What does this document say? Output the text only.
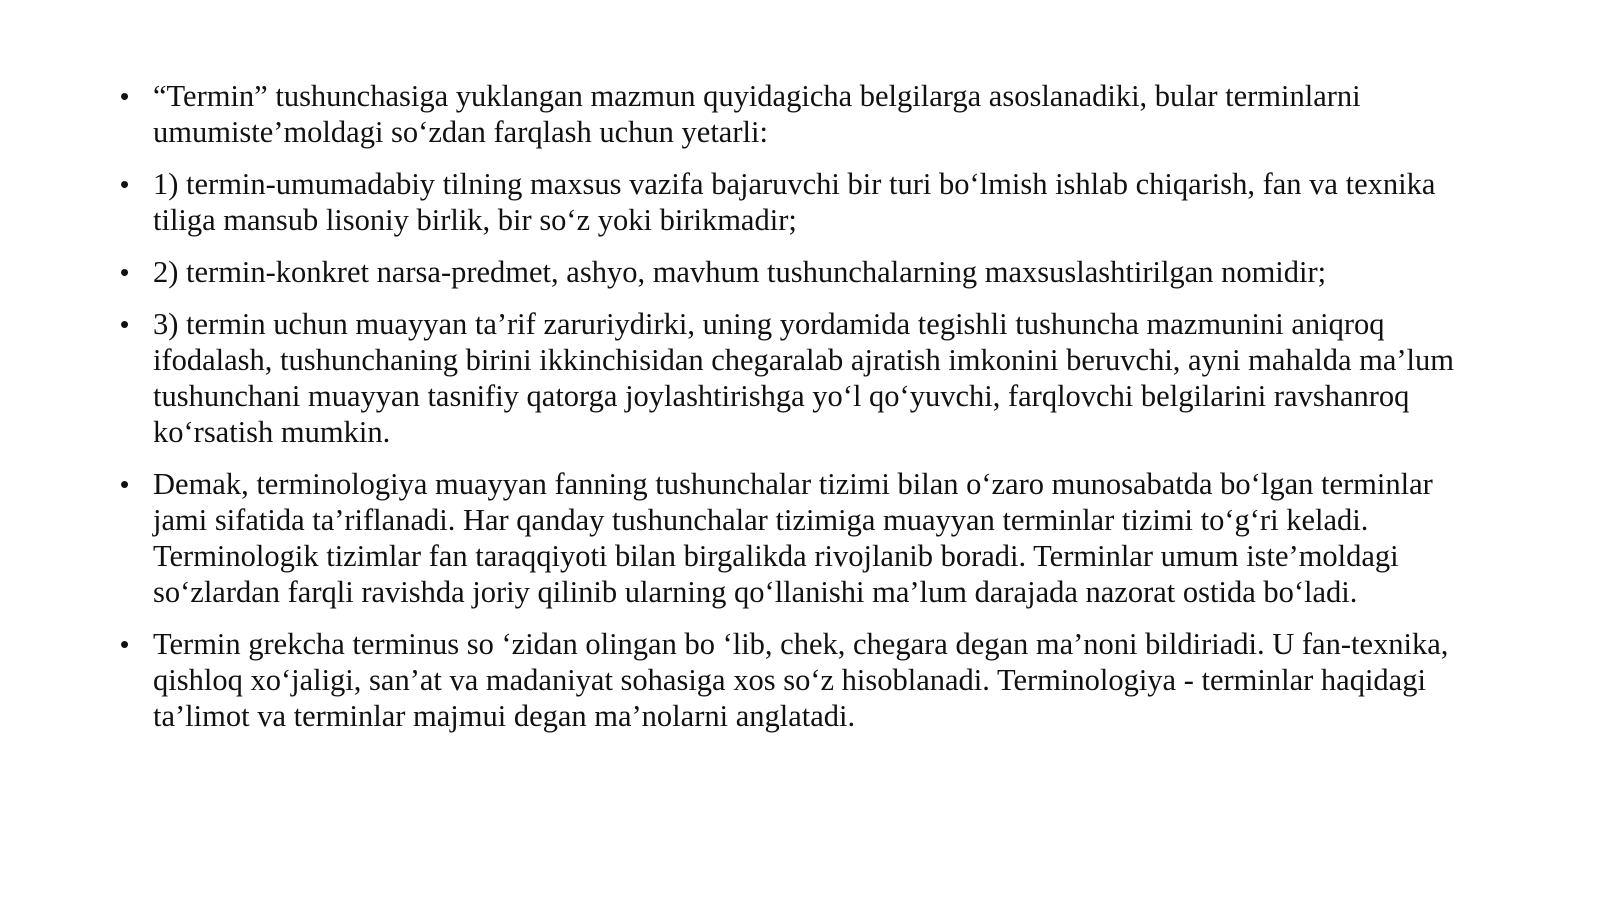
• “Termin” tushunchasiga yuklangan mazmun quyidagicha belgilarga asoslanadiki, bular terminlarni umumiste’moldagi so‘zdan farqlash uchun yetarli:
• 1) termin-umumadabiy tilning maxsus vazifa bajaruvchi bir turi bo‘lmish ishlab chiqarish, fan va texnika tiliga mansub lisoniy birlik, bir so‘z yoki birikmadir;
• 2) termin-konkret narsa-predmet, ashyo, mavhum tushunchalarning maxsuslashtirilgan nomidir;
• 3) termin uchun muayyan ta’rif zaruriydirki, uning yordamida tegishli tushuncha mazmunini aniqroq ifodalash, tushunchaning birini ikkinchisidan chegaralab ajratish imkonini beruvchi, ayni mahalda ma’lum tushunchani muayyan tasnifiy qatorga joylashtirishga yo‘l qo‘yuvchi, farqlovchi belgilarini ravshanroq ko‘rsatish mumkin.
• Demak, terminologiya muayyan fanning tushunchalar tizimi bilan o‘zaro munosabatda bo‘lgan terminlar jami sifatida ta’riflanadi. Har qanday tushunchalar tizimiga muayyan terminlar tizimi to‘g‘ri keladi. Terminologik tizimlar fan taraqqiyoti bilan birgalikda rivojlanib boradi. Terminlar umum iste’moldagi so‘zlardan farqli ravishda joriy qilinib ularning qo‘llanishi ma’lum darajada nazorat ostida bo‘ladi.
• Termin grekcha terminus so ‘zidan olingan bo ‘lib, chek, chegara degan ma’noni bildiriadi. U fan-texnika, qishloq xo‘jaligi, san’at va madaniyat sohasiga xos so‘z hisoblanadi. Terminologiya - terminlar haqidagi ta’limot va terminlar majmui degan ma’nolarni anglatadi.
